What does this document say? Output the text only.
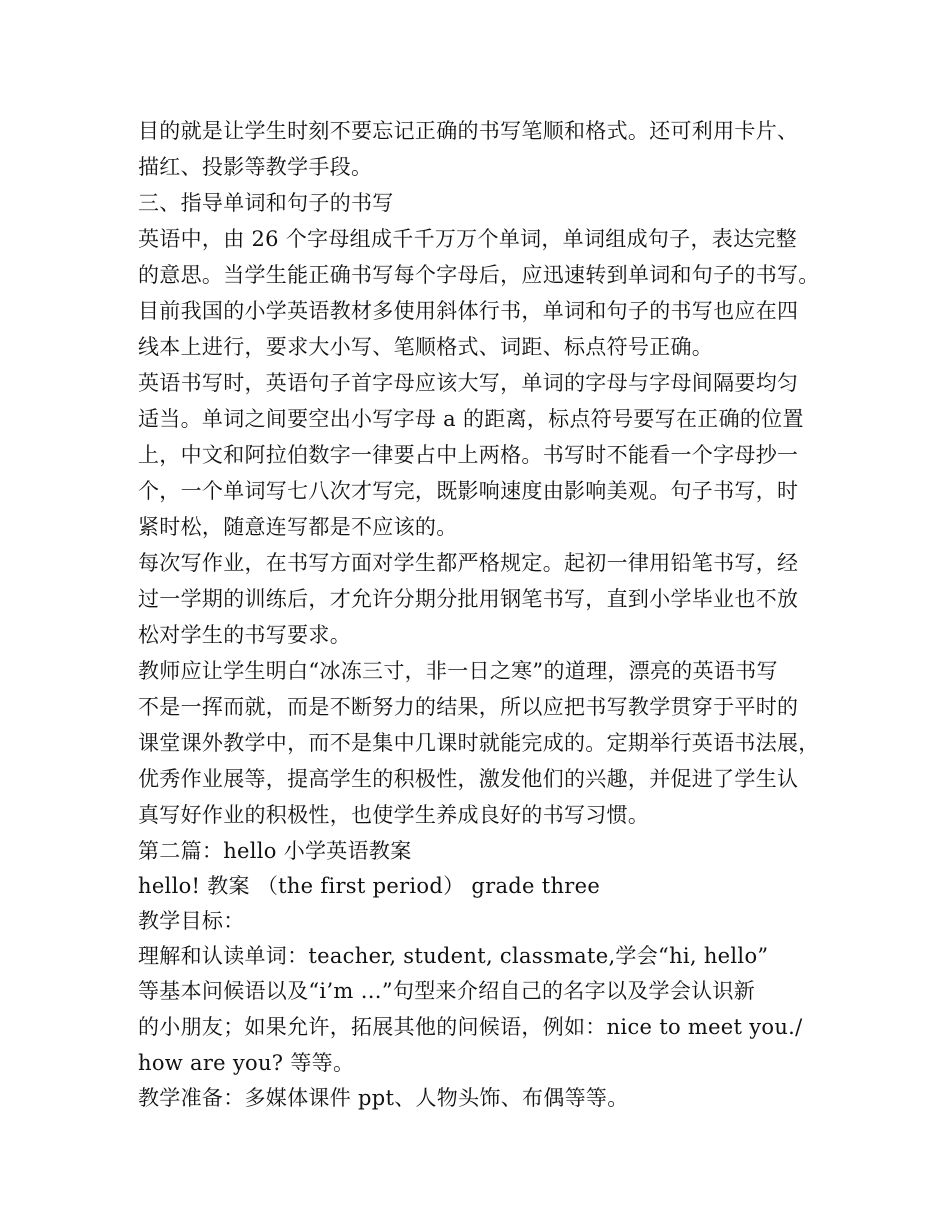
目的就是让学生时刻不要忘记正确的书写笔顺和格式。还可利用卡片、
描红、投影等教学手段。
三、指导单词和句子的书写
英语中，由 26 个字母组成千千万万个单词，单词组成句子，表达完整
的意思。当学生能正确书写每个字母后，应迅速转到单词和句子的书写。
目前我国的小学英语教材多使用斜体行书，单词和句子的书写也应在四
线本上进行，要求大小写、笔顺格式、词距、标点符号正确。
英语书写时，英语句子首字母应该大写，单词的字母与字母间隔要均匀
适当。单词之间要空出小写字母 a 的距离，标点符号要写在正确的位置
上，中文和阿拉伯数字一律要占中上两格。书写时不能看一个字母抄一
个，一个单词写七八次才写完，既影响速度由影响美观。句子书写，时
紧时松，随意连写都是不应该的。
每次写作业，在书写方面对学生都严格规定。起初一律用铅笔书写，经
过一学期的训练后，才允许分期分批用钢笔书写，直到小学毕业也不放
松对学生的书写要求。
教师应让学生明白“冰冻三寸，非一日之寒”的道理，漂亮的英语书写
不是一挥而就，而是不断努力的结果，所以应把书写教学贯穿于平时的
课堂课外教学中，而不是集中几课时就能完成的。定期举行英语书法展，
优秀作业展等，提高学生的积极性，激发他们的兴趣，并促进了学生认
真写好作业的积极性，也使学生养成良好的书写习惯。
第二篇：hello 小学英语教案
hello! 教案 （the first period） grade three
教学目标：
理解和认读单词：teacher, student, classmate,学会“hi, hello”
等基本问候语以及“i’m …”句型来介绍自己的名字以及学会认识新
的小朋友；如果允许，拓展其他的问候语，例如：nice to meet you./
how are you? 等等。
教学准备：多媒体课件 ppt、人物头饰、布偶等等。
